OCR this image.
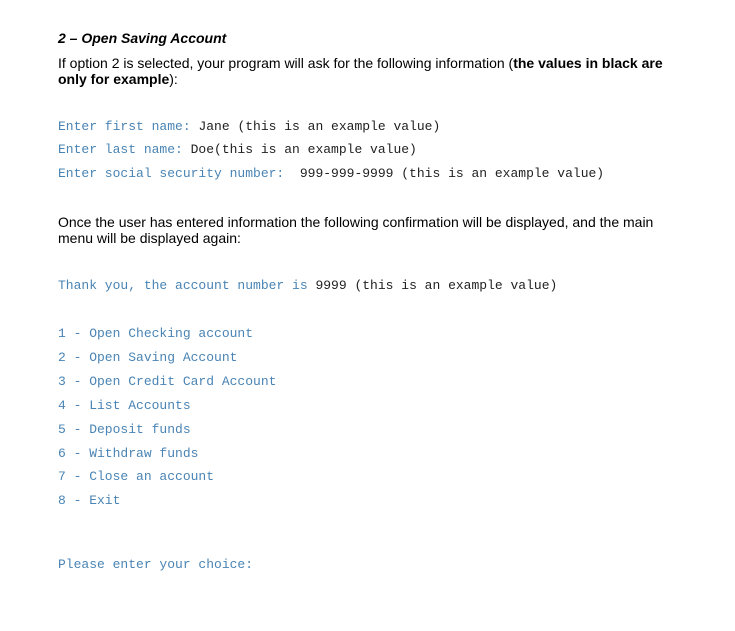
2 – Open Saving Account
If option 2 is selected, your program will ask for the following information (the values in black are only for example):
Enter first name: Jane (this is an example value)
Enter last name: Doe(this is an example value)
Enter social security number:  999-999-9999 (this is an example value)
Once the user has entered information the following confirmation will be displayed, and the main menu will be displayed again:
Thank you, the account number is 9999 (this is an example value)
1 - Open Checking account
2 - Open Saving Account
3 - Open Credit Card Account
4 - List Accounts
5 - Deposit funds
6 - Withdraw funds
7 - Close an account
8 - Exit
Please enter your choice:
